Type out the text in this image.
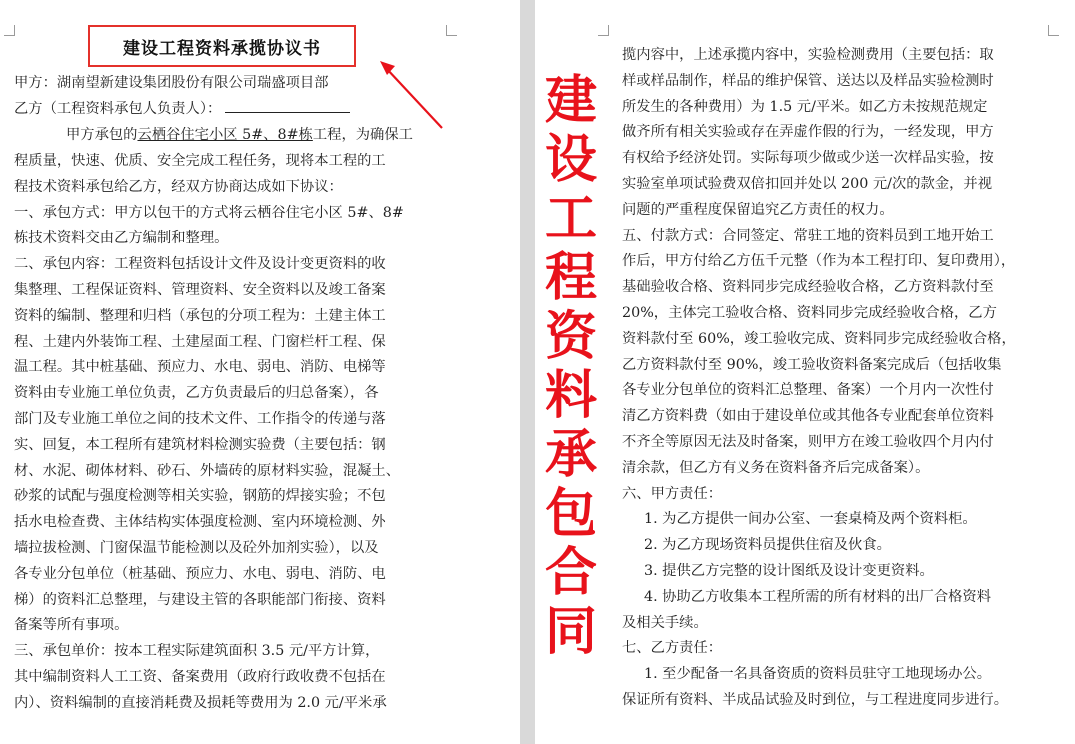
建设工程资料承揽协议书
甲方：湖南望新建设集团股份有限公司瑞盛项目部
乙方（工程资料承包人负责人）：
甲方承包的云栖谷住宅小区 5#、8#栋工程，为确保工
程质量，快速、优质、安全完成工程任务，现将本工程的工
程技术资料承包给乙方，经双方协商达成如下协议：
一、承包方式：甲方以包干的方式将云栖谷住宅小区 5#、8#
栋技术资料交由乙方编制和整理。
二、承包内容：工程资料包括设计文件及设计变更资料的收
集整理、工程保证资料、管理资料、安全资料以及竣工备案
资料的编制、整理和归档（承包的分项工程为：土建主体工
程、土建内外装饰工程、土建屋面工程、门窗栏杆工程、保
温工程。其中桩基础、预应力、水电、弱电、消防、电梯等
资料由专业施工单位负责，乙方负责最后的归总备案），各
部门及专业施工单位之间的技术文件、工作指令的传递与落
实、回复，本工程所有建筑材料检测实验费（主要包括：钢
材、水泥、砌体材料、砂石、外墙砖的原材料实验，混凝土、
砂浆的试配与强度检测等相关实验，钢筋的焊接实验；不包
括水电检查费、主体结构实体强度检测、室内环境检测、外
墙拉拔检测、门窗保温节能检测以及砼外加剂实验），以及
各专业分包单位（桩基础、预应力、水电、弱电、消防、电
梯）的资料汇总整理，与建设主管的各职能部门衔接、资料
备案等所有事项。
三、承包单价：按本工程实际建筑面积 3.5 元/平方计算，
其中编制资料人工工资、备案费用（政府行政收费不包括在
内）、资料编制的直接消耗费及损耗等费用为 2.0 元/平米承
揽内容中，上述承揽内容中，实验检测费用（主要包括：取
样或样品制作，样品的维护保管、送达以及样品实验检测时
所发生的各种费用）为 1.5 元/平米。如乙方未按规范规定
做齐所有相关实验或存在弄虚作假的行为，一经发现，甲方
有权给予经济处罚。实际每项少做或少送一次样品实验，按
实验室单项试验费双倍扣回并处以 200 元/次的款金，并视
问题的严重程度保留追究乙方责任的权力。
五、付款方式：合同签定、常驻工地的资料员到工地开始工
作后，甲方付给乙方伍千元整（作为本工程打印、复印费用），
基础验收合格、资料同步完成经验收合格，乙方资料款付至
20%，主体完工验收合格、资料同步完成经验收合格，乙方
资料款付至 60%，竣工验收完成、资料同步完成经验收合格，
乙方资料款付至 90%，竣工验收资料备案完成后（包括收集
各专业分包单位的资料汇总整理、备案）一个月内一次性付
清乙方资料费（如由于建设单位或其他各专业配套单位资料
不齐全等原因无法及时备案，则甲方在竣工验收四个月内付
清余款，但乙方有义务在资料备齐后完成备案）。
六、甲方责任：
1. 为乙方提供一间办公室、一套桌椅及两个资料柜。
2. 为乙方现场资料员提供住宿及伙食。
3. 提供乙方完整的设计图纸及设计变更资料。
4. 协助乙方收集本工程所需的所有材料的出厂合格资料
及相关手续。
七、乙方责任：
1. 至少配备一名具备资质的资料员驻守工地现场办公。
保证所有资料、半成品试验及时到位，与工程进度同步进行。
建
设
工
程
资
料
承
包
合
同
